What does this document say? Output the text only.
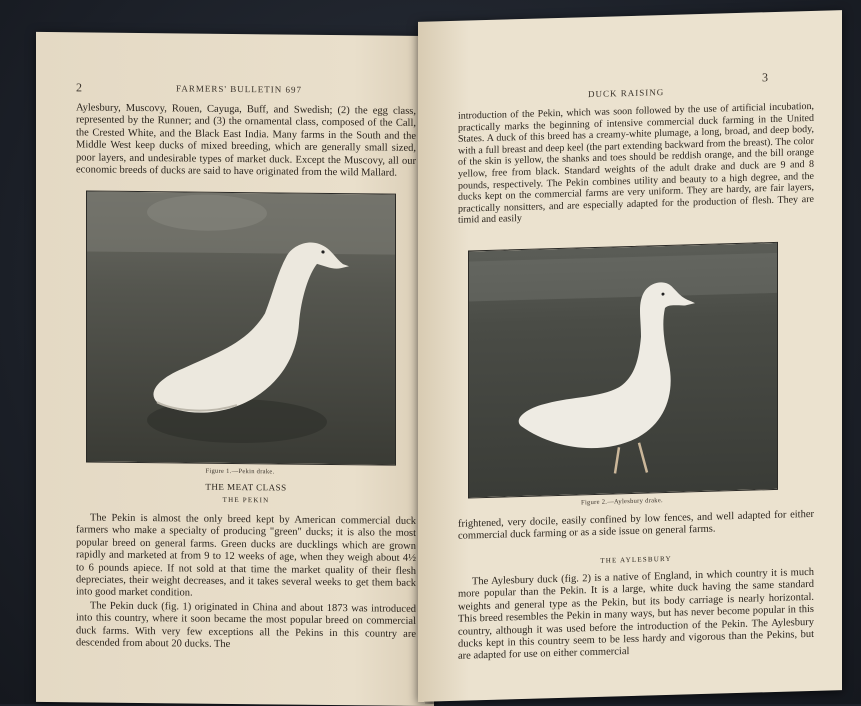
2	FARMERS' BULLETIN 697

Aylesbury, Muscovy, Rouen, Cayuga, Buff, and Swedish; (2) the egg class, represented by the Runner; and (3) the ornamental class, composed of the Call, the Crested White, and the Black East India. Many farms in the South and the Middle West keep ducks of mixed breeding, which are generally small sized, poor layers, and undesirable types of market duck. Except the Muscovy, all our economic breeds of ducks are said to have originated from the wild Mallard.

Figure 1.—Pekin drake.
THE MEAT CLASS
THE PEKIN

The Pekin is almost the only breed kept by American commercial duck farmers who make a specialty of producing "green" ducks; it is also the most popular breed on general farms. Green ducks are ducklings which are grown rapidly and marketed at from 9 to 12 weeks of age, when they weigh about 4½ to 6 pounds apiece. If not sold at that time the market quality of their flesh depreciates, their weight decreases, and it takes several weeks to get them back into good market condition.

The Pekin duck (fig. 1) originated in China and about 1873 was introduced into this country, where it soon became the most popular breed on commercial duck farms. With very few exceptions all the Pekins in this country are descended from about 20 ducks. The

DUCK RAISING
3

introduction of the Pekin, which was soon followed by the use of artificial incubation, practically marks the beginning of intensive commercial duck farming in the United States. A duck of this breed has a creamy-white plumage, a long, broad, and deep body, with a full breast and deep keel (the part extending backward from the breast). The color of the skin is yellow, the shanks and toes should be reddish orange, and the bill orange yellow, free from black. Standard weights of the adult drake and duck are 9 and 8 pounds, respectively. The Pekin combines utility and beauty to a high degree, and the ducks kept on the commercial farms are very uniform. They are hardy, are fair layers, practically nonsitters, and are especially adapted for the production of flesh. They are timid and easily

Figure 2.—Aylesbury drake.

frightened, very docile, easily confined by low fences, and well adapted for either commercial duck farming or as a side issue on general farms.

THE AYLESBURY

The Aylesbury duck (fig. 2) is a native of England, in which country it is much more popular than the Pekin. It is a large, white duck having the same standard weights and general type as the Pekin, but its body carriage is nearly horizontal. This breed resembles the Pekin in many ways, but has never become popular in this country, although it was used before the introduction of the Pekin. The Aylesbury ducks kept in this country seem to be less hardy and vigorous than the Pekins, but are adapted for use on either commercial
